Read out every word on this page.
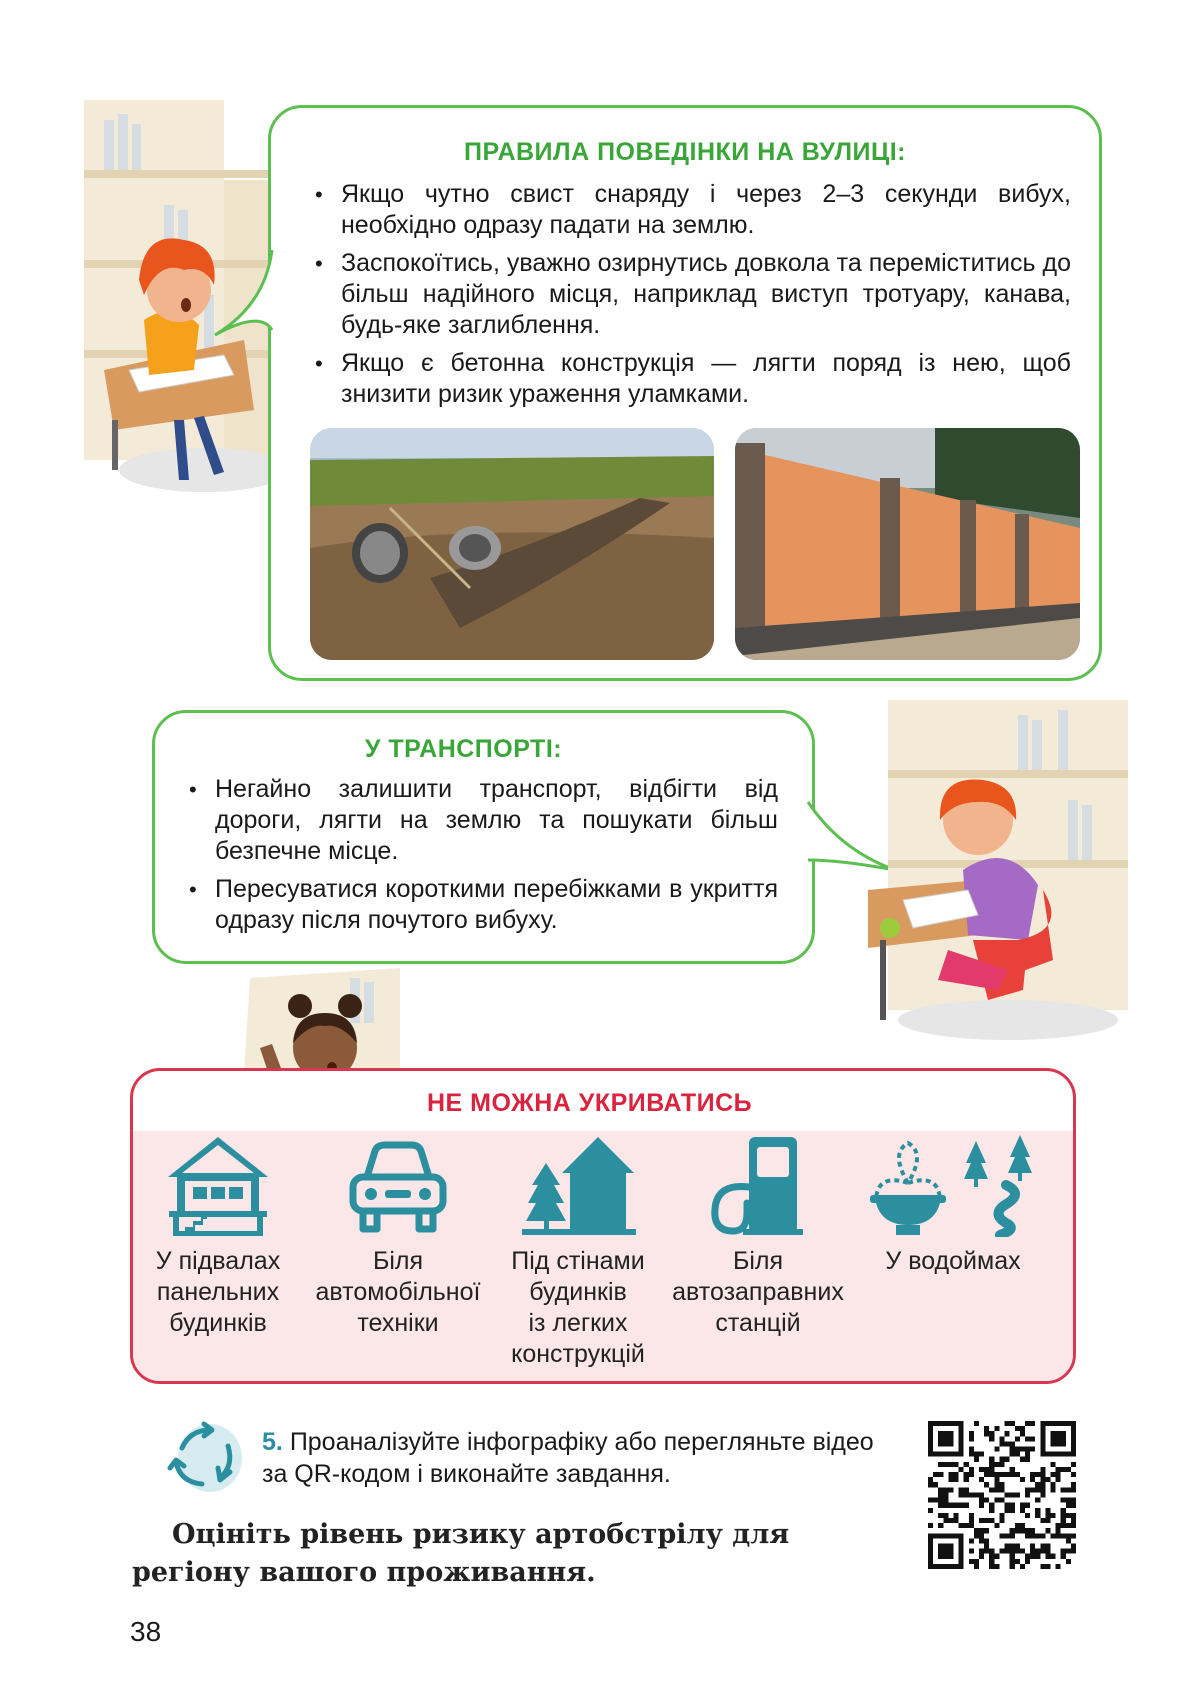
ПРАВИЛА ПОВЕДІНКИ НА ВУЛИЦІ:
• Якщо чутно свист снаряду і через 2–3 секунди вибух, необхідно одразу падати на землю.
• Заспокоїтись, уважно озирнутись довкола та переміститись до більш надійного місця, наприклад виступ тротуару, канава, будь-яке заглиблення.
• Якщо є бетонна конструкція — лягти поряд із нею, щоб знизити ризик ураження уламками.
У ТРАНСПОРТІ:
• Негайно залишити транспорт, відбігти від дороги, лягти на землю та пошукати більш безпечне місце.
• Пересуватися короткими перебіжками в укриття одразу після почутого вибуху.
НЕ МОЖНА УКРИВАТИСЬ
У підвалах
панельних
будинків
Біля
автомобільної
техніки
Під стінами
будинків
із легких
конструкцій
Біля
автозаправних
станцій
У водоймах
5. Проаналізуйте інфографіку або перегляньте відео за QR-кодом і виконайте завдання.
Оцініть рівень ризику артобстрілу для регіону вашого проживання.
38
